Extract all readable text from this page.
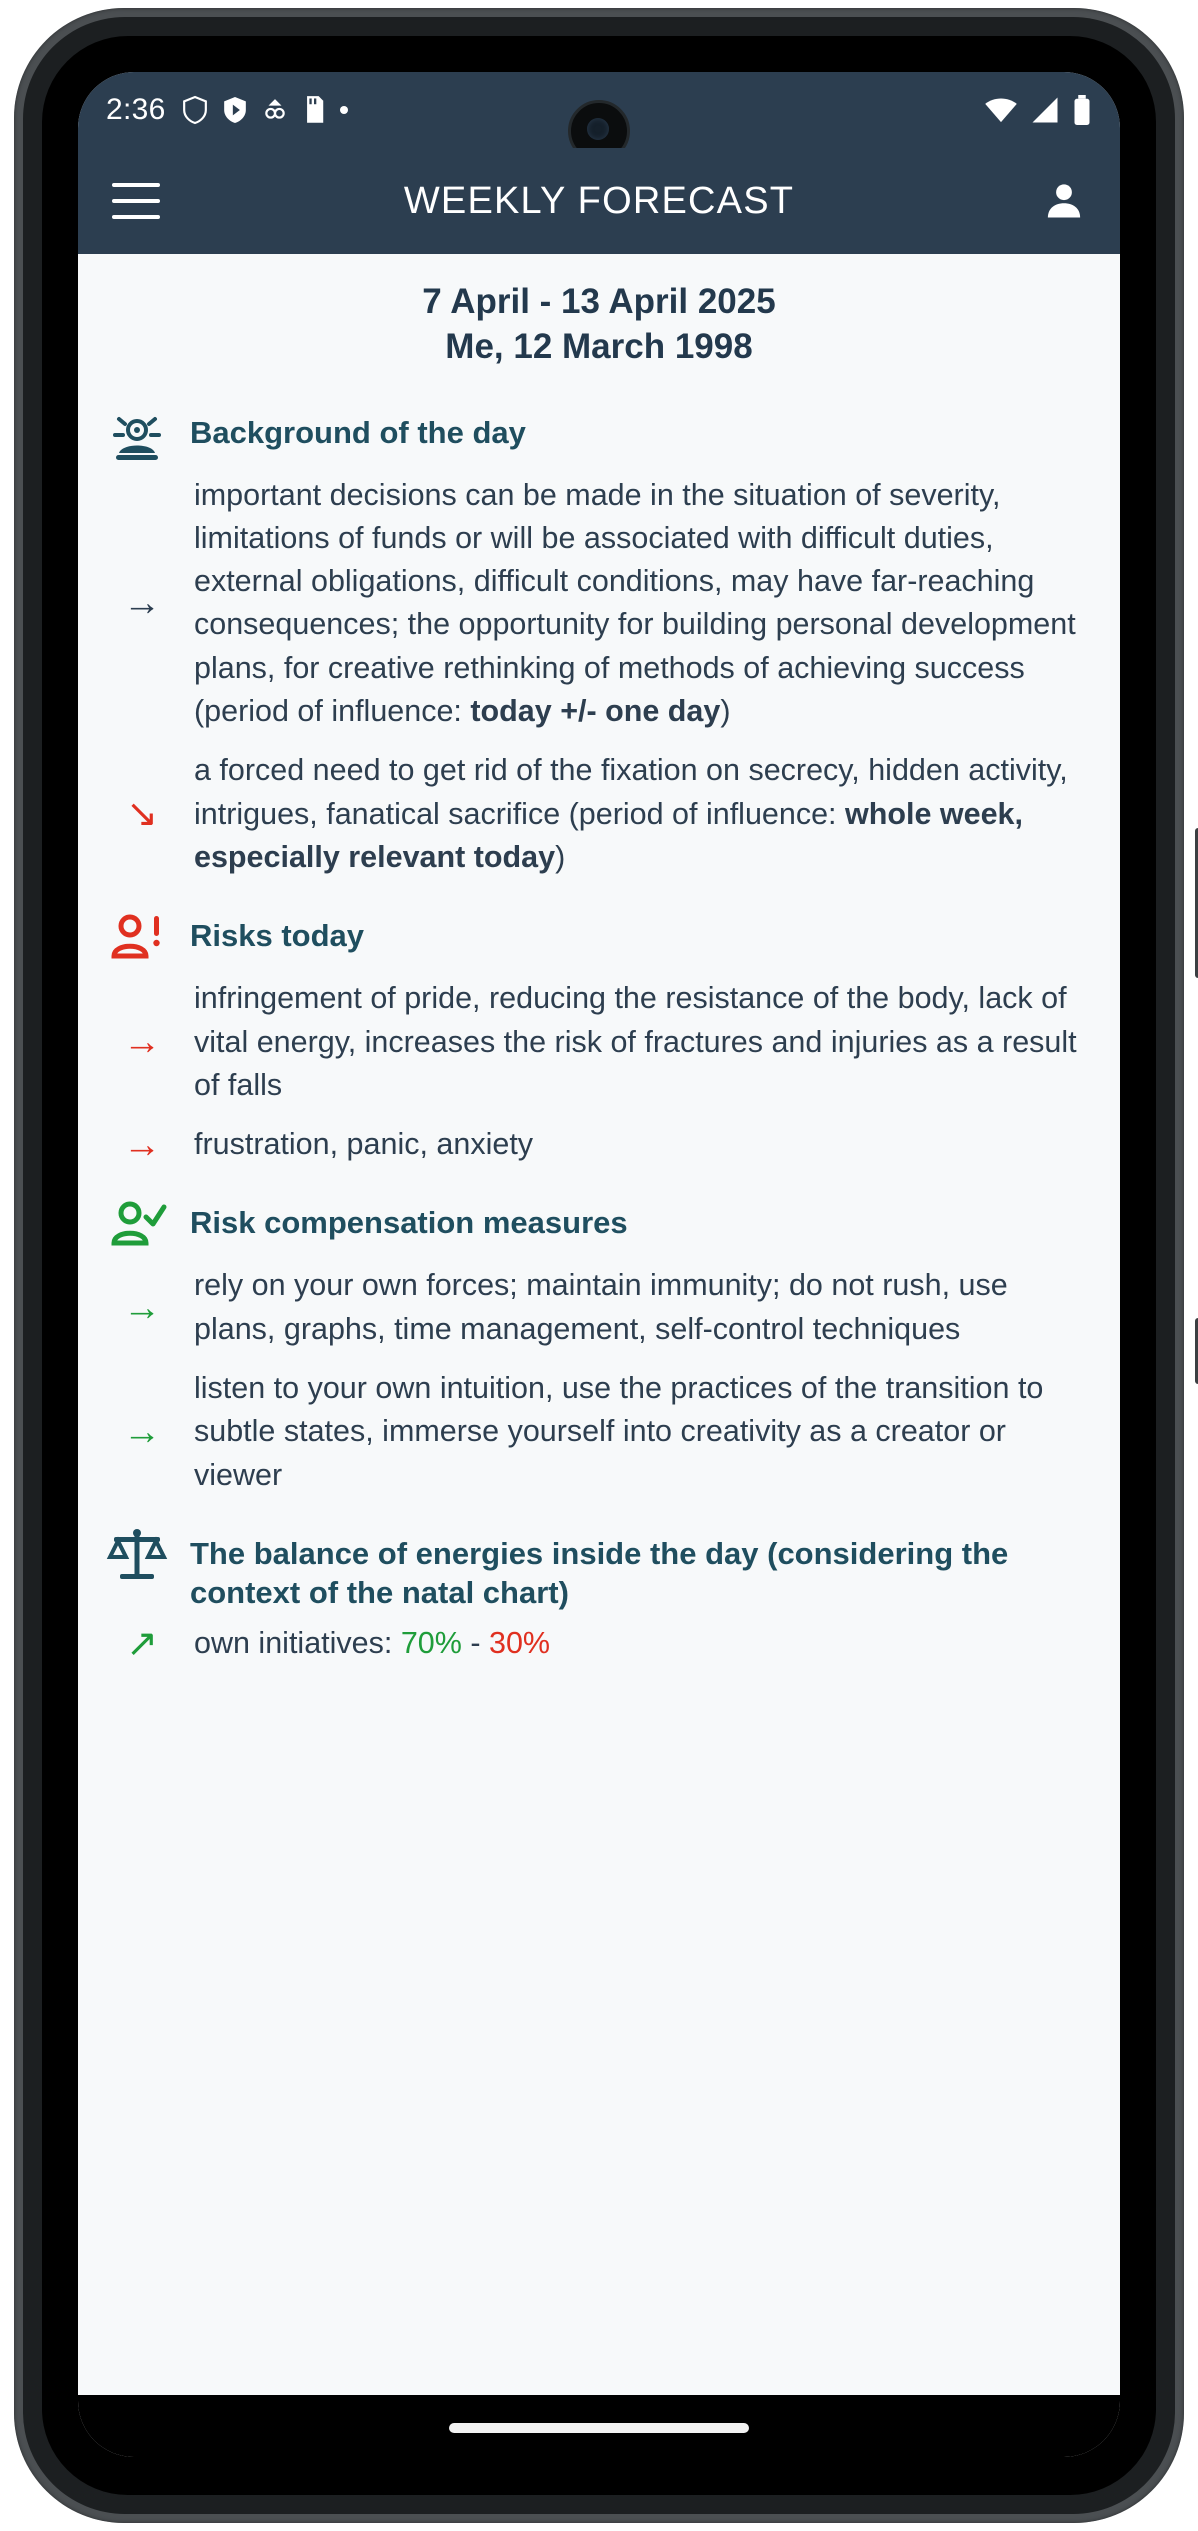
2:36
WEEKLY FORECAST
7 April - 13 April 2025
Me, 12 March 1998
Background of the day
→
important decisions can be made in the situation of severity, limitations of funds or will be associated with difficult duties, external obligations, difficult conditions, may have far-reaching consequences; the opportunity for building personal development plans, for creative rethinking of methods of achieving success (period of influence: today +/- one day)
↘
a forced need to get rid of the fixation on secrecy, hidden activity, intrigues, fanatical sacrifice (period of influence: whole week, especially relevant today)
Risks today
→
infringement of pride, reducing the resistance of the body, lack of vital energy, increases the risk of fractures and injuries as a result of falls
→	frustration, panic, anxiety
Risk compensation measures
→
rely on your own forces; maintain immunity; do not rush, use plans, graphs, time management, self-control techniques
→
listen to your own intuition, use the practices of the transition to subtle states, immerse yourself into creativity as a creator or viewer
The balance of energies inside the day (considering the context of the natal chart)
↗	own initiatives: 70% - 30%
